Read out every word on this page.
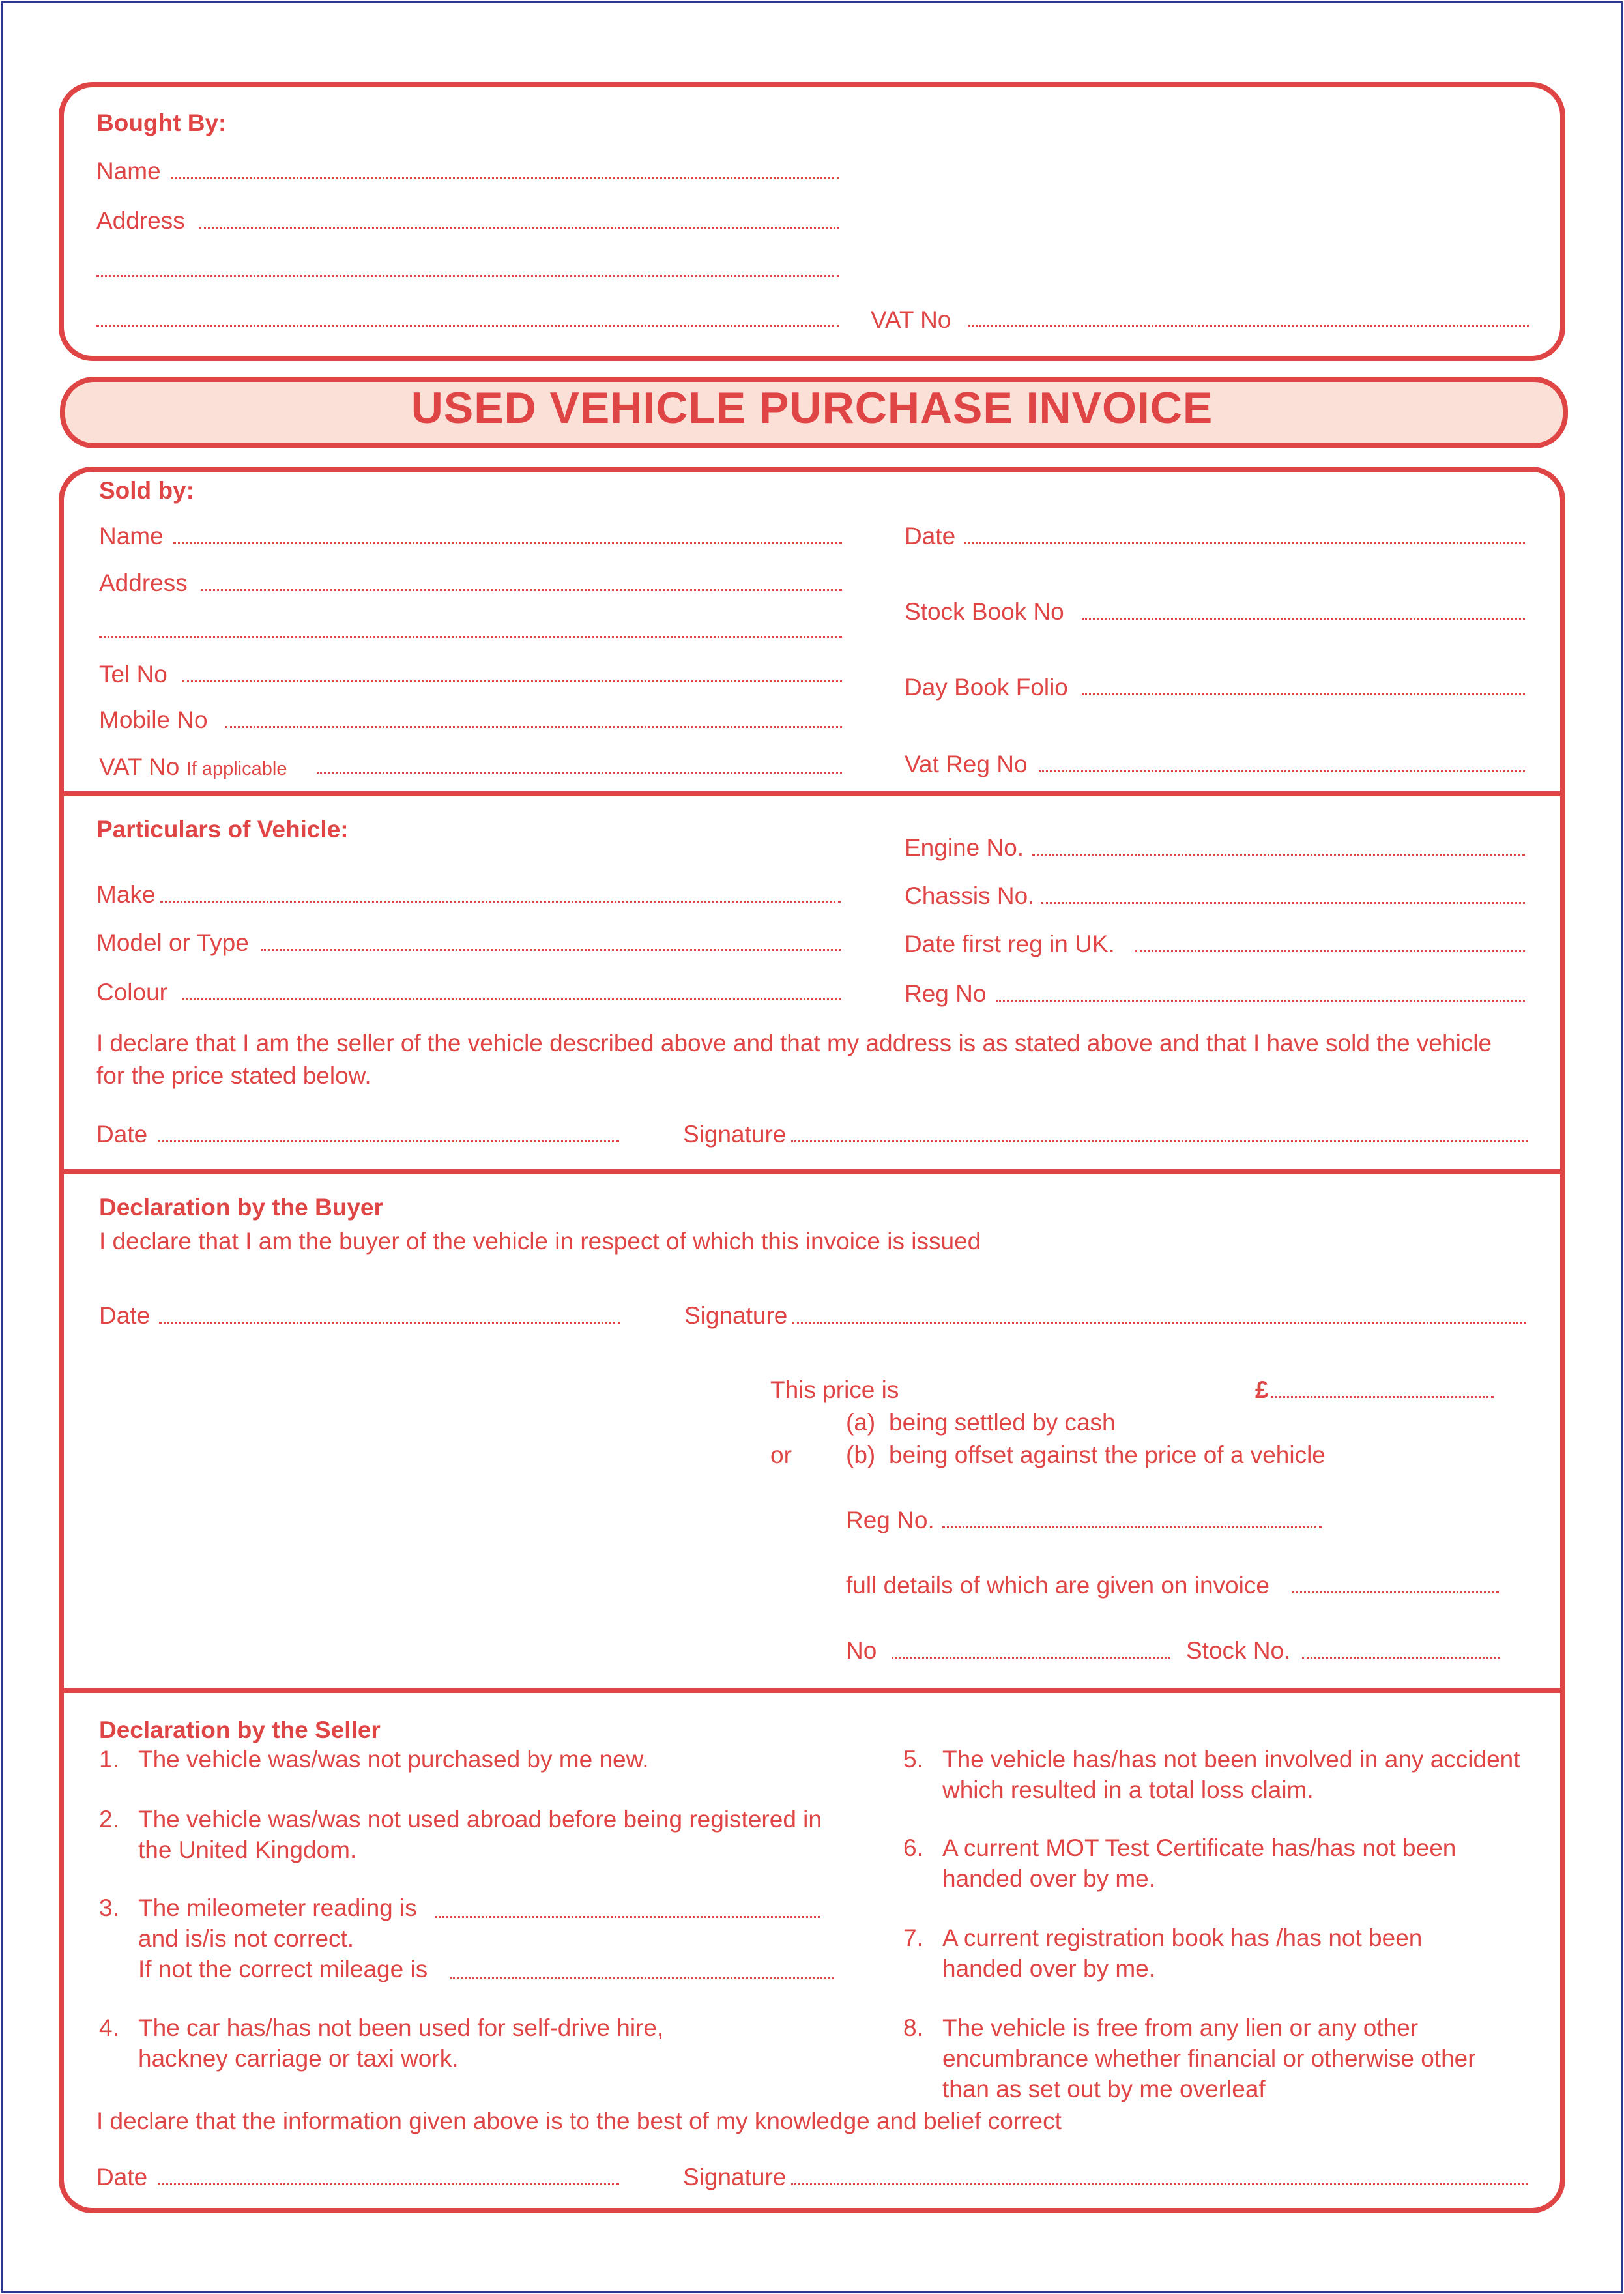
Bought By:
Name
Address
VAT No
USED VEHICLE PURCHASE INVOICE
Sold by:
Name
Address
Tel No
Mobile No
VAT No If applicable
Date
Stock Book No
Day Book Folio
Vat Reg No
Particulars of Vehicle:
Make
Model or Type
Colour
Engine No.
Chassis No.
Date first reg in UK.
Reg No
I declare that I am the seller of the vehicle described above and that my address is as stated above and that I have sold the vehicle
for the price stated below.
Date	Signature
Declaration by the Buyer
I declare that I am the buyer of the vehicle in respect of which this invoice is issued
Date	Signature
This price is	£
(a) being settled by cash
or (b) being offset against the price of a vehicle
Reg No.
full details of which are given on invoice
No	Stock No.
Declaration by the Seller
1. The vehicle was/was not purchased by me new.
2. The vehicle was/was not used abroad before being registered in
the United Kingdom.
3. The mileometer reading is
and is/is not correct.
If not the correct mileage is
4. The car has/has not been used for self-drive hire,
hackney carriage or taxi work.
5. The vehicle has/has not been involved in any accident
which resulted in a total loss claim.
6. A current MOT Test Certificate has/has not been
handed over by me.
7. A current registration book has /has not been
handed over by me.
8. The vehicle is free from any lien or any other
encumbrance whether financial or otherwise other
than as set out by me overleaf
I declare that the information given above is to the best of my knowledge and belief correct
Date	Signature
